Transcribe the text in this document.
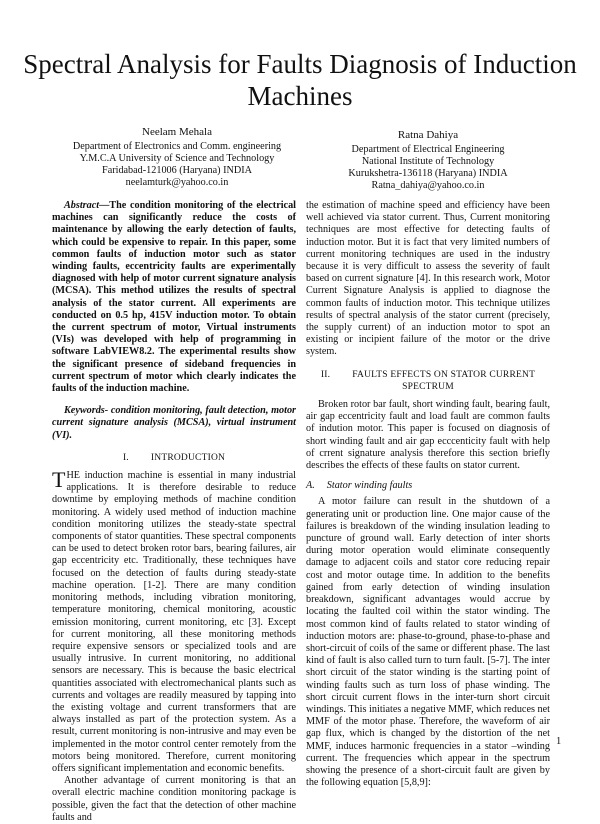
Spectral Analysis for Faults Diagnosis of Induction Machines
Neelam Mehala
Department of Electronics and Comm. engineering
Y.M.C.A University of Science and Technology
Faridabad-121006 (Haryana) INDIA
neelamturk@yahoo.co.in
Ratna Dahiya
Department of Electrical Engineering
National Institute of Technology
Kurukshetra-136118 (Haryana) INDIA
Ratna_dahiya@yahoo.co.in

Abstract—The condition monitoring of the electrical machines can significantly reduce the costs of maintenance by allowing the early detection of faults, which could be expensive to repair. In this paper, some common faults of induction motor such as stator winding faults, eccentricity faults are experimentally diagnosed with help of motor current signature analysis (MCSA). This method utilizes the results of spectral analysis of the stator current. All experiments are conducted on 0.5 hp, 415V induction motor. To obtain the current spectrum of motor, Virtual instruments (VIs) was developed with help of programming in software LabVIEW8.2. The experimental results show the significant presence of sideband frequencies in current spectrum of motor which clearly indicates the faults of the induction machine.

Keywords- condition monitoring, fault detection, motor current signature analysis (MCSA), virtual instrument (VI).

I. INTRODUCTION

THE induction machine is essential in many industrial applications. It is therefore desirable to reduce downtime by employing methods of machine condition monitoring. A widely used method of induction machine condition monitoring utilizes the steady-state spectral components of stator quantities. These spectral components can be used to detect broken rotor bars, bearing failures, air gap eccentricity etc. Traditionally, these techniques have focused on the detection of faults during steady-state machine operation. [1-2]. There are many condition monitoring methods, including vibration monitoring, temperature monitoring, chemical monitoring, acoustic emission monitoring, current monitoring, etc [3]. Except for current monitoring, all these monitoring methods require expensive sensors or specialized tools and are usually intrusive. In current monitoring, no additional sensors are necessary. This is because the basic electrical quantities associated with electromechanical plants such as currents and voltages are readily measured by tapping into the existing voltage and current transformers that are always installed as part of the protection system. As a result, current monitoring is non-intrusive and may even be implemented in the motor control center remotely from the motors being monitored. Therefore, current monitoring offers significant implementation and economic benefits.

Another advantage of current monitoring is that an overall electric machine condition monitoring package is possible, given the fact that the detection of other machine faults and

the estimation of machine speed and efficiency have been well achieved via stator current. Thus, Current monitoring techniques are most effective for detecting faults of induction motor. But it is fact that very limited numbers of current monitoring techniques are used in the industry because it is very difficult to assess the severity of fault based on current signature [4]. In this research work, Motor Current Signature Analysis is applied to diagnose the common faults of induction motor. This technique utilizes results of spectral analysis of the stator current (precisely, the supply current) of an induction motor to spot an existing or incipient failure of the motor or the drive system.

II. FAULTS EFFECTS ON STATOR CURRENT SPECTRUM

Broken rotor bar fault, short winding fault, bearing fault, air gap eccentricity fault and load fault are common faults of indution motor. This paper is focused on diagnosis of short winding fault and air gap ecccenticity fault with help of crrent signature analysis therefore this section briefly describes the effects of these faults on stator current.

A. Stator winding faults

A motor failure can result in the shutdown of a generating unit or production line. One major cause of the failures is breakdown of the winding insulation leading to puncture of ground wall. Early detection of inter shorts during motor operation would eliminate consequently damage to adjacent coils and stator core reducing repair cost and motor outage time. In addition to the benefits gained from early detection of winding insulation breakdown, significant advantages would accrue by locating the faulted coil within the stator winding. The most common kind of faults related to stator winding of induction motors are: phase-to-ground, phase-to-phase and short-circuit of coils of the same or different phase. The last kind of fault is also called turn to turn fault. [5-7]. The inter short circuit of the stator winding is the starting point of winding faults such as turn loss of phase winding. The short circuit current flows in the inter-turn short circuit windings. This initiates a negative MMF, which reduces net MMF of the motor phase. Therefore, the waveform of air gap flux, which is changed by the distortion of the net MMF, induces harmonic frequencies in a stator –winding current. The frequencies which appear in the spectrum showing the presence of a short-circuit fault are given by the following equation [5,8,9]:

1
